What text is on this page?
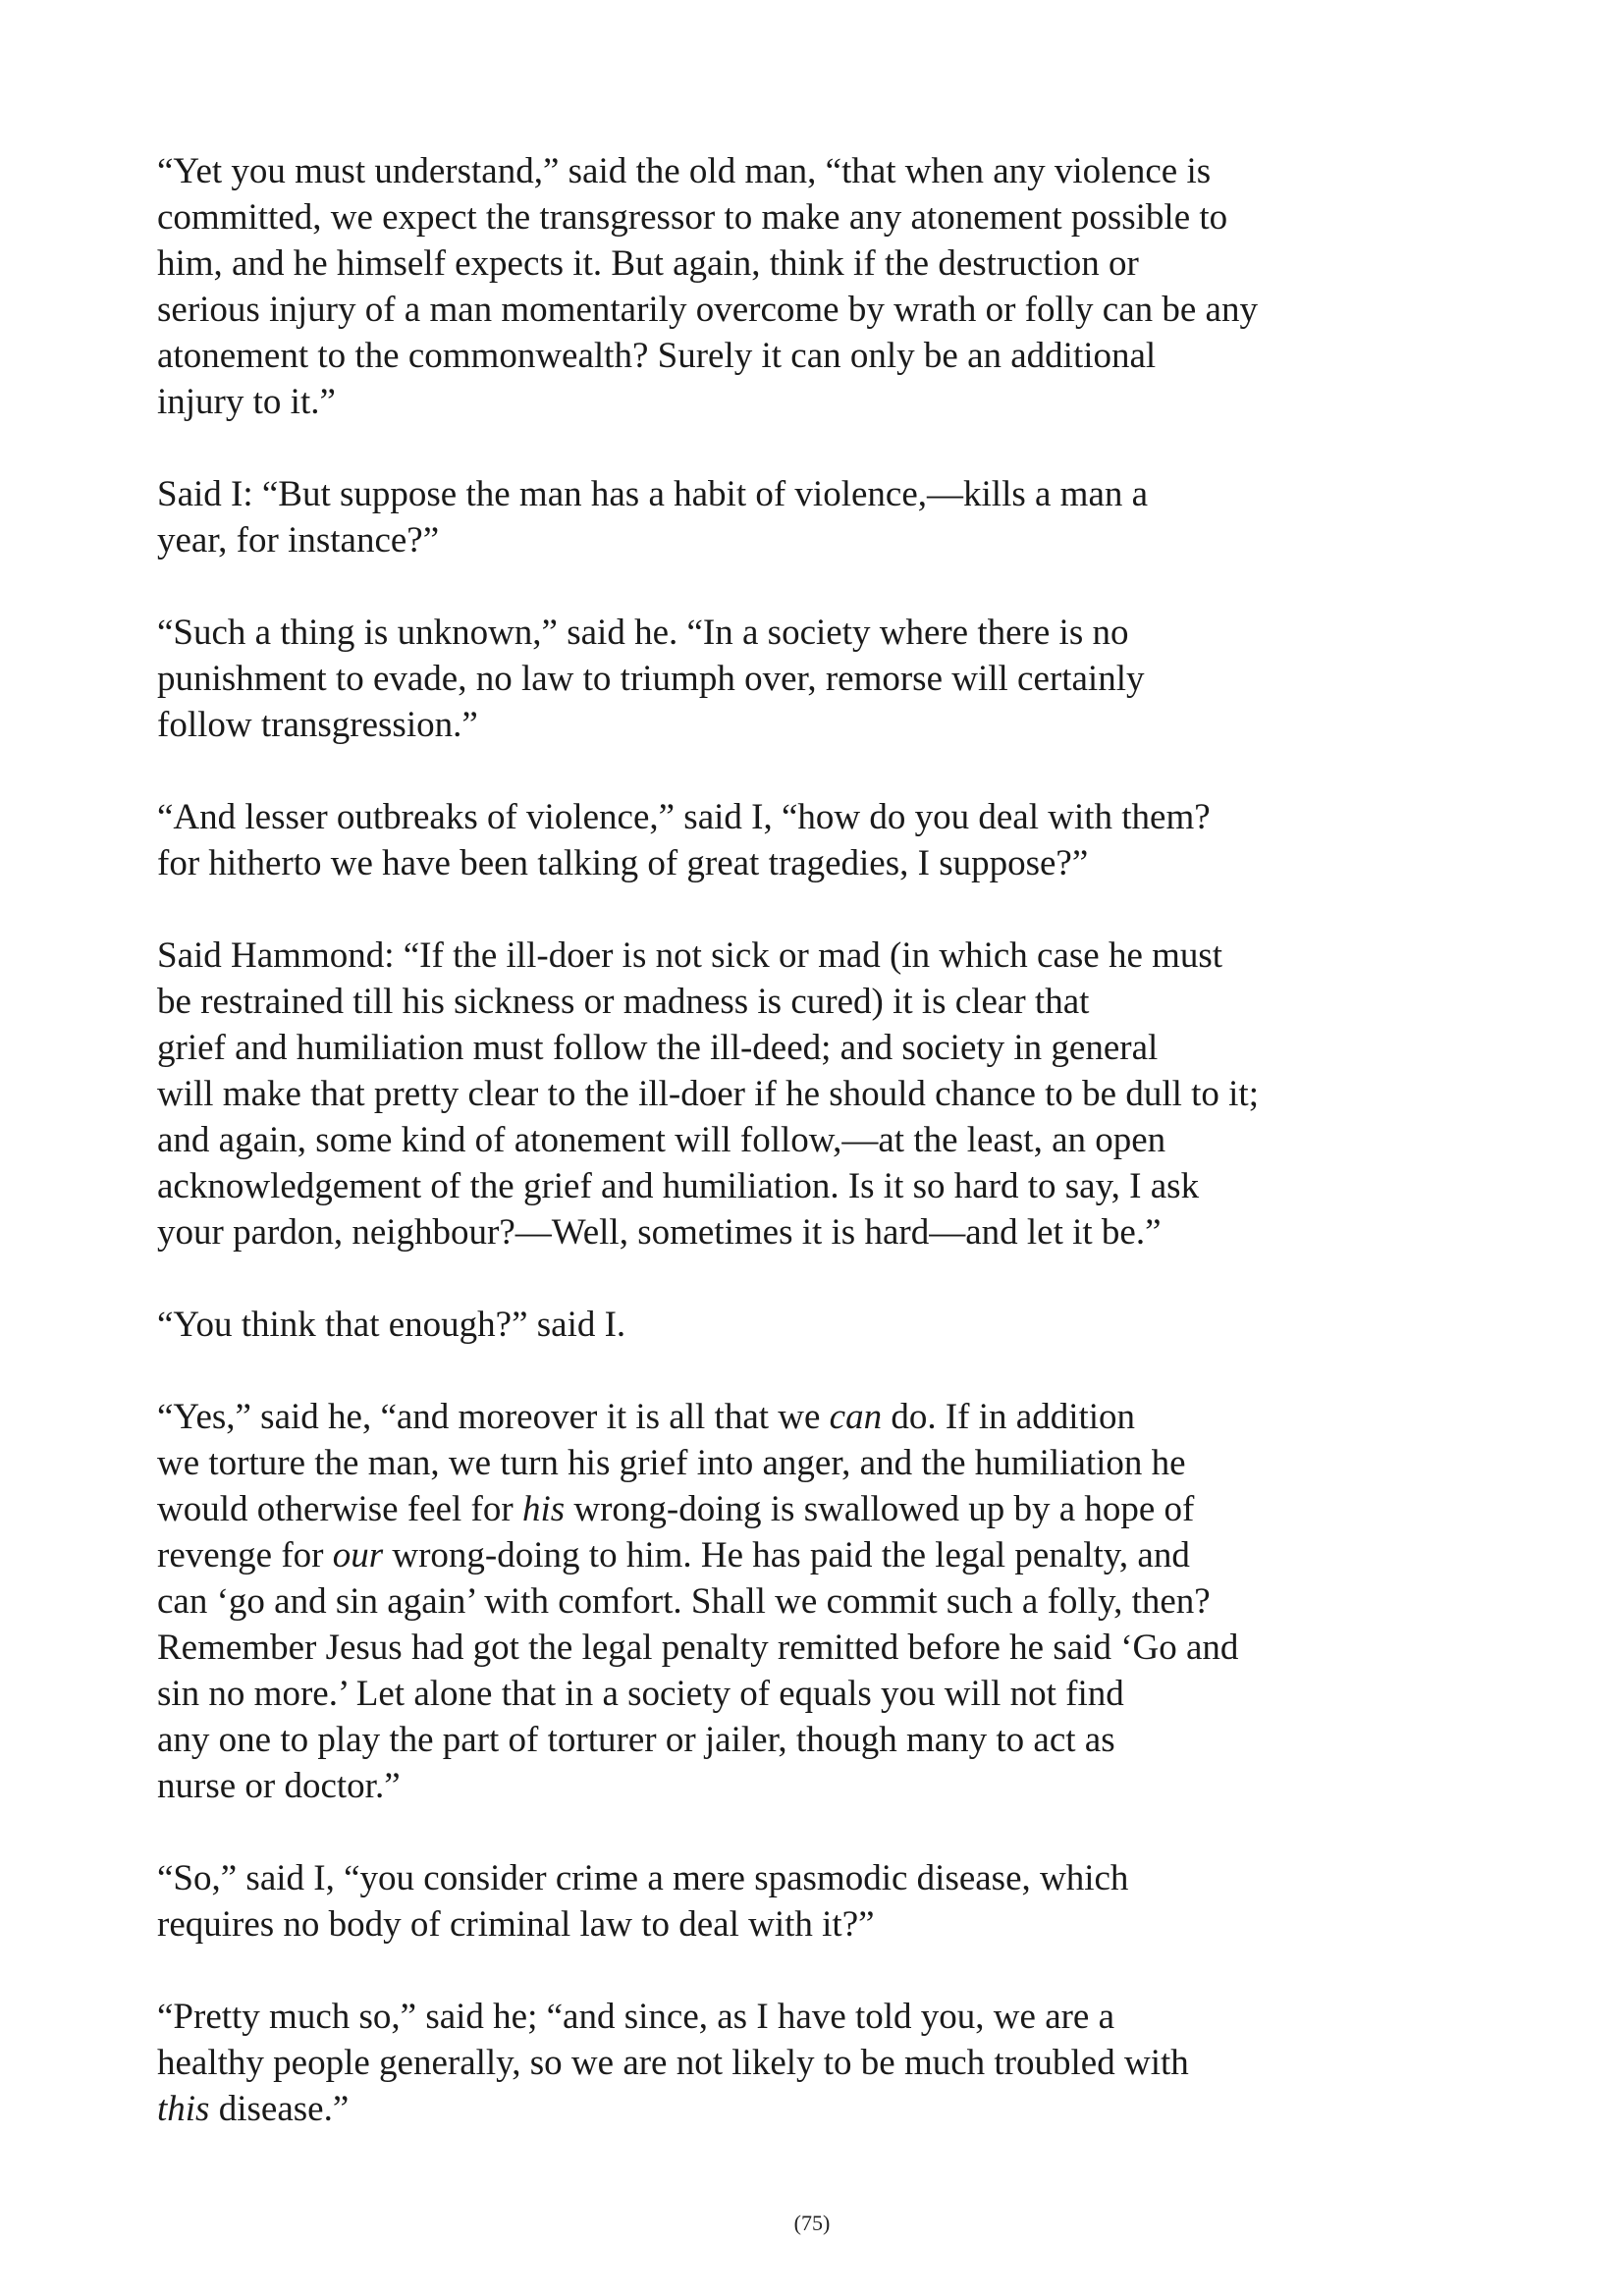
“Yet you must understand,” said the old man, “that when any violence is
committed, we expect the transgressor to make any atonement possible to
him, and he himself expects it. But again, think if the destruction or
serious injury of a man momentarily overcome by wrath or folly can be any
atonement to the commonwealth? Surely it can only be an additional
injury to it.”
Said I: “But suppose the man has a habit of violence,—kills a man a
year, for instance?”
“Such a thing is unknown,” said he. “In a society where there is no
punishment to evade, no law to triumph over, remorse will certainly
follow transgression.”
“And lesser outbreaks of violence,” said I, “how do you deal with them?
for hitherto we have been talking of great tragedies, I suppose?”
Said Hammond: “If the ill-doer is not sick or mad (in which case he must
be restrained till his sickness or madness is cured) it is clear that
grief and humiliation must follow the ill-deed; and society in general
will make that pretty clear to the ill-doer if he should chance to be dull to it;
and again, some kind of atonement will follow,—at the least, an open
acknowledgement of the grief and humiliation. Is it so hard to say, I ask
your pardon, neighbour?—Well, sometimes it is hard—and let it be.”
“You think that enough?” said I.
“Yes,” said he, “and moreover it is all that we can do. If in addition
we torture the man, we turn his grief into anger, and the humiliation he
would otherwise feel for his wrong-doing is swallowed up by a hope of
revenge for our wrong-doing to him. He has paid the legal penalty, and
can ‘go and sin again’ with comfort. Shall we commit such a folly, then?
Remember Jesus had got the legal penalty remitted before he said ‘Go and
sin no more.’ Let alone that in a society of equals you will not find
any one to play the part of torturer or jailer, though many to act as
nurse or doctor.”
“So,” said I, “you consider crime a mere spasmodic disease, which
requires no body of criminal law to deal with it?”
“Pretty much so,” said he; “and since, as I have told you, we are a
healthy people generally, so we are not likely to be much troubled with
this disease.”
(75)
